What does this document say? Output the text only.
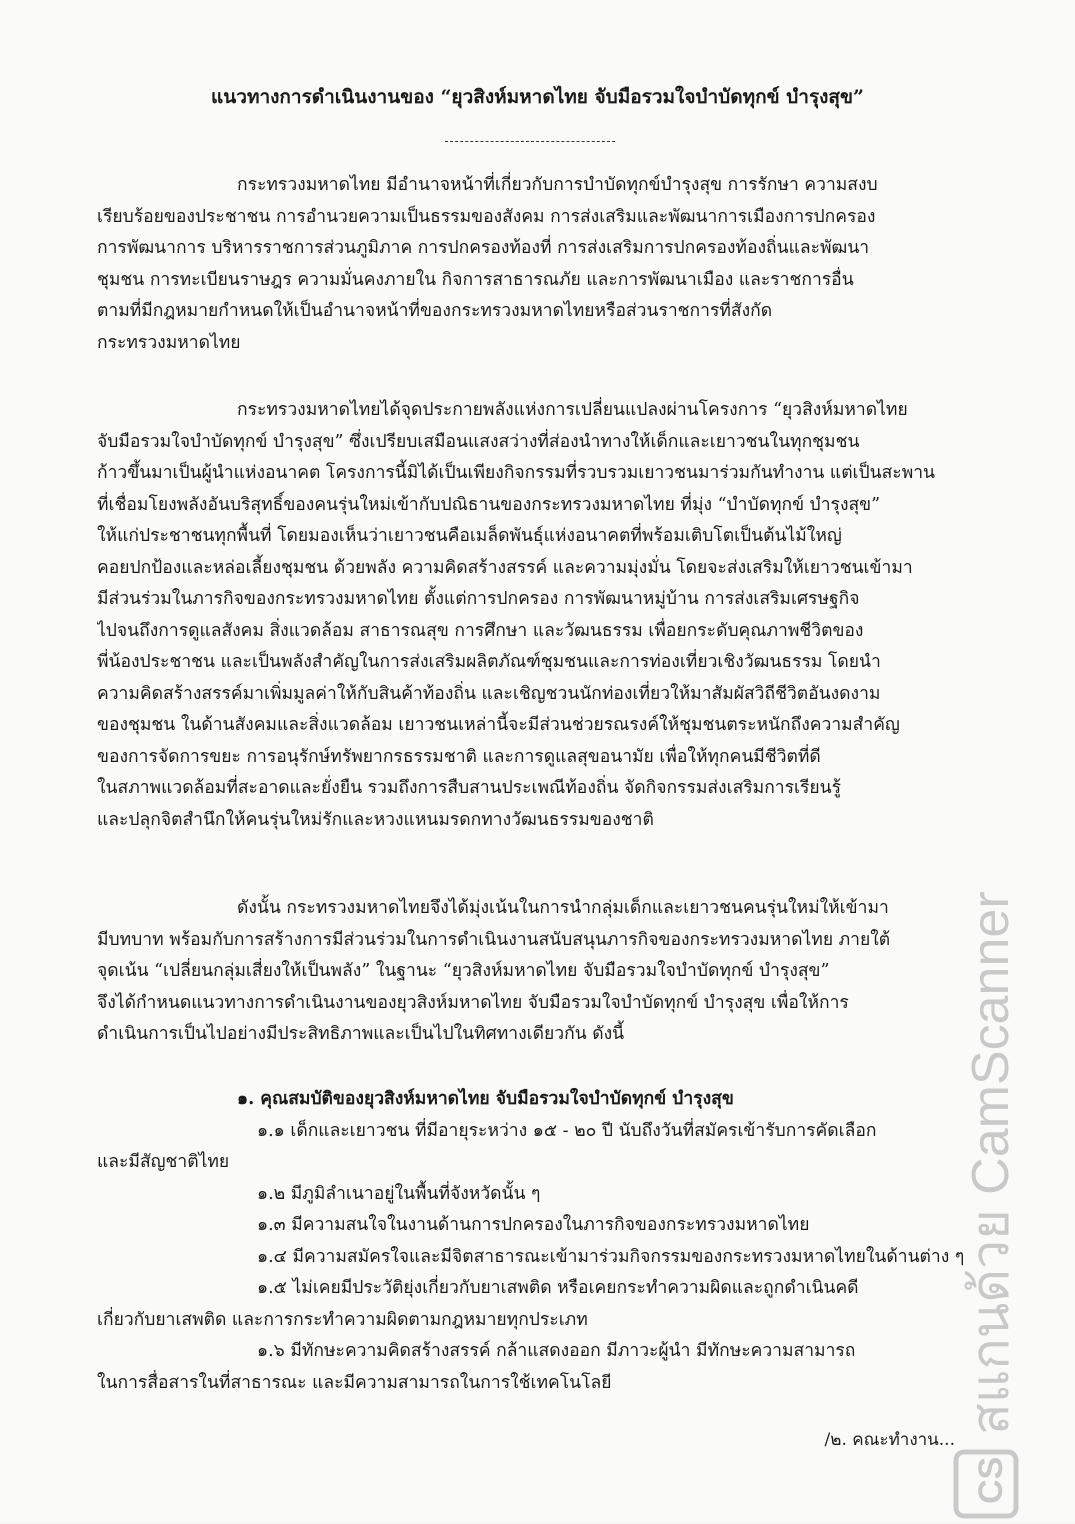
แนวทางการดำเนินงานของ “ยุวสิงห์มหาดไทย จับมือรวมใจบำบัดทุกข์ บำรุงสุข”
กระทรวงมหาดไทย มีอำนาจหน้าที่เกี่ยวกับการบำบัดทุกข์บำรุงสุข การรักษา ความสงบ
เรียบร้อยของประชาชน การอำนวยความเป็นธรรมของสังคม การส่งเสริมและพัฒนาการเมืองการปกครอง
การพัฒนาการ บริหารราชการส่วนภูมิภาค การปกครองท้องที่ การส่งเสริมการปกครองท้องถิ่นและพัฒนา
ชุมชน การทะเบียนราษฎร ความมั่นคงภายใน กิจการสาธารณภัย และการพัฒนาเมือง และราชการอื่น
ตามที่มีกฎหมายกำหนดให้เป็นอำนาจหน้าที่ของกระทรวงมหาดไทยหรือส่วนราชการที่สังกัด
กระทรวงมหาดไทย
กระทรวงมหาดไทยได้จุดประกายพลังแห่งการเปลี่ยนแปลงผ่านโครงการ “ยุวสิงห์มหาดไทย
จับมือรวมใจบำบัดทุกข์ บำรุงสุข” ซึ่งเปรียบเสมือนแสงสว่างที่ส่องนำทางให้เด็กและเยาวชนในทุกชุมชน
ก้าวขึ้นมาเป็นผู้นำแห่งอนาคต โครงการนี้มิได้เป็นเพียงกิจกรรมที่รวบรวมเยาวชนมาร่วมกันทำงาน แต่เป็นสะพาน
ที่เชื่อมโยงพลังอันบริสุทธิ์ของคนรุ่นใหม่เข้ากับปณิธานของกระทรวงมหาดไทย ที่มุ่ง “บำบัดทุกข์ บำรุงสุข”
ให้แก่ประชาชนทุกพื้นที่ โดยมองเห็นว่าเยาวชนคือเมล็ดพันธุ์แห่งอนาคตที่พร้อมเติบโตเป็นต้นไม้ใหญ่
คอยปกป้องและหล่อเลี้ยงชุมชน ด้วยพลัง ความคิดสร้างสรรค์ และความมุ่งมั่น โดยจะส่งเสริมให้เยาวชนเข้ามา
มีส่วนร่วมในภารกิจของกระทรวงมหาดไทย ตั้งแต่การปกครอง การพัฒนาหมู่บ้าน การส่งเสริมเศรษฐกิจ
ไปจนถึงการดูแลสังคม สิ่งแวดล้อม สาธารณสุข การศึกษา และวัฒนธรรม เพื่อยกระดับคุณภาพชีวิตของ
พี่น้องประชาชน และเป็นพลังสำคัญในการส่งเสริมผลิตภัณฑ์ชุมชนและการท่องเที่ยวเชิงวัฒนธรรม โดยนำ
ความคิดสร้างสรรค์มาเพิ่มมูลค่าให้กับสินค้าท้องถิ่น และเชิญชวนนักท่องเที่ยวให้มาสัมผัสวิถีชีวิตอันงดงาม
ของชุมชน ในด้านสังคมและสิ่งแวดล้อม เยาวชนเหล่านี้จะมีส่วนช่วยรณรงค์ให้ชุมชนตระหนักถึงความสำคัญ
ของการจัดการขยะ การอนุรักษ์ทรัพยากรธรรมชาติ และการดูแลสุขอนามัย เพื่อให้ทุกคนมีชีวิตที่ดี
ในสภาพแวดล้อมที่สะอาดและยั่งยืน รวมถึงการสืบสานประเพณีท้องถิ่น จัดกิจกรรมส่งเสริมการเรียนรู้
และปลุกจิตสำนึกให้คนรุ่นใหม่รักและหวงแหนมรดกทางวัฒนธรรมของชาติ
ดังนั้น กระทรวงมหาดไทยจึงได้มุ่งเน้นในการนำกลุ่มเด็กและเยาวชนคนรุ่นใหม่ให้เข้ามา
มีบทบาท พร้อมกับการสร้างการมีส่วนร่วมในการดำเนินงานสนับสนุนภารกิจของกระทรวงมหาดไทย ภายใต้
จุดเน้น “เปลี่ยนกลุ่มเสี่ยงให้เป็นพลัง” ในฐานะ “ยุวสิงห์มหาดไทย จับมือรวมใจบำบัดทุกข์ บำรุงสุข”
จึงได้กำหนดแนวทางการดำเนินงานของยุวสิงห์มหาดไทย จับมือรวมใจบำบัดทุกข์ บำรุงสุข เพื่อให้การ
ดำเนินการเป็นไปอย่างมีประสิทธิภาพและเป็นไปในทิศทางเดียวกัน ดังนี้
๑. คุณสมบัติของยุวสิงห์มหาดไทย จับมือรวมใจบำบัดทุกข์ บำรุงสุข
๑.๑ เด็กและเยาวชน ที่มีอายุระหว่าง ๑๕ - ๒๐ ปี นับถึงวันที่สมัครเข้ารับการคัดเลือก
และมีสัญชาติไทย
๑.๒ มีภูมิลำเนาอยู่ในพื้นที่จังหวัดนั้น ๆ
๑.๓ มีความสนใจในงานด้านการปกครองในภารกิจของกระทรวงมหาดไทย
๑.๔ มีความสมัครใจและมีจิตสาธารณะเข้ามาร่วมกิจกรรมของกระทรวงมหาดไทยในด้านต่าง ๆ
๑.๕ ไม่เคยมีประวัติยุ่งเกี่ยวกับยาเสพติด หรือเคยกระทำความผิดและถูกดำเนินคดี
เกี่ยวกับยาเสพติด และการกระทำความผิดตามกฎหมายทุกประเภท
๑.๖ มีทักษะความคิดสร้างสรรค์ กล้าแสดงออก มีภาวะผู้นำ มีทักษะความสามารถ
ในการสื่อสารในที่สาธารณะ และมีความสามารถในการใช้เทคโนโลยี
/๒. คณะทำงาน...
สแกนด้วย CamScanner
CS
